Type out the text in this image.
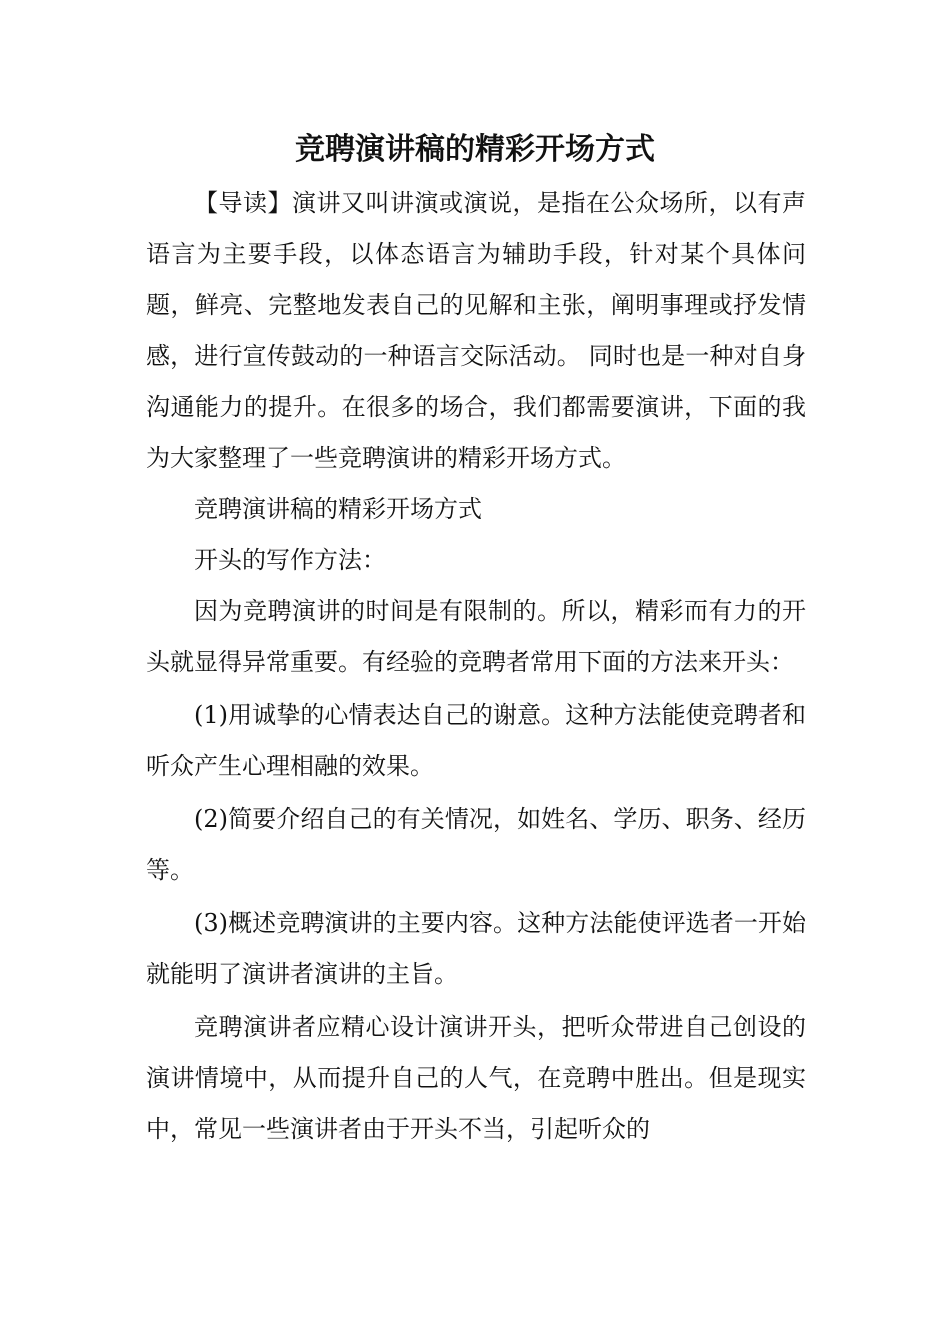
竞聘演讲稿的精彩开场方式

【导读】演讲又叫讲演或演说，是指在公众场所，以有声语言为主要手段，以体态语言为辅助手段，针对某个具体问题，鲜亮、完整地发表自己的见解和主张，阐明事理或抒发情感，进行宣传鼓动的一种语言交际活动。 同时也是一种对自身沟通能力的提升。在很多的场合，我们都需要演讲，下面的我为大家整理了一些竞聘演讲的精彩开场方式。

竞聘演讲稿的精彩开场方式

开头的写作方法：

因为竞聘演讲的时间是有限制的。所以，精彩而有力的开头就显得异常重要。有经验的竞聘者常用下面的方法来开头：

(1)用诚挚的心情表达自己的谢意。这种方法能使竞聘者和听众产生心理相融的效果。

(2)简要介绍自己的有关情况，如姓名、学历、职务、经历等。

(3)概述竞聘演讲的主要内容。这种方法能使评选者一开始就能明了演讲者演讲的主旨。

竞聘演讲者应精心设计演讲开头，把听众带进自己创设的演讲情境中，从而提升自己的人气，在竞聘中胜出。但是现实中，常见一些演讲者由于开头不当，引起听众的
